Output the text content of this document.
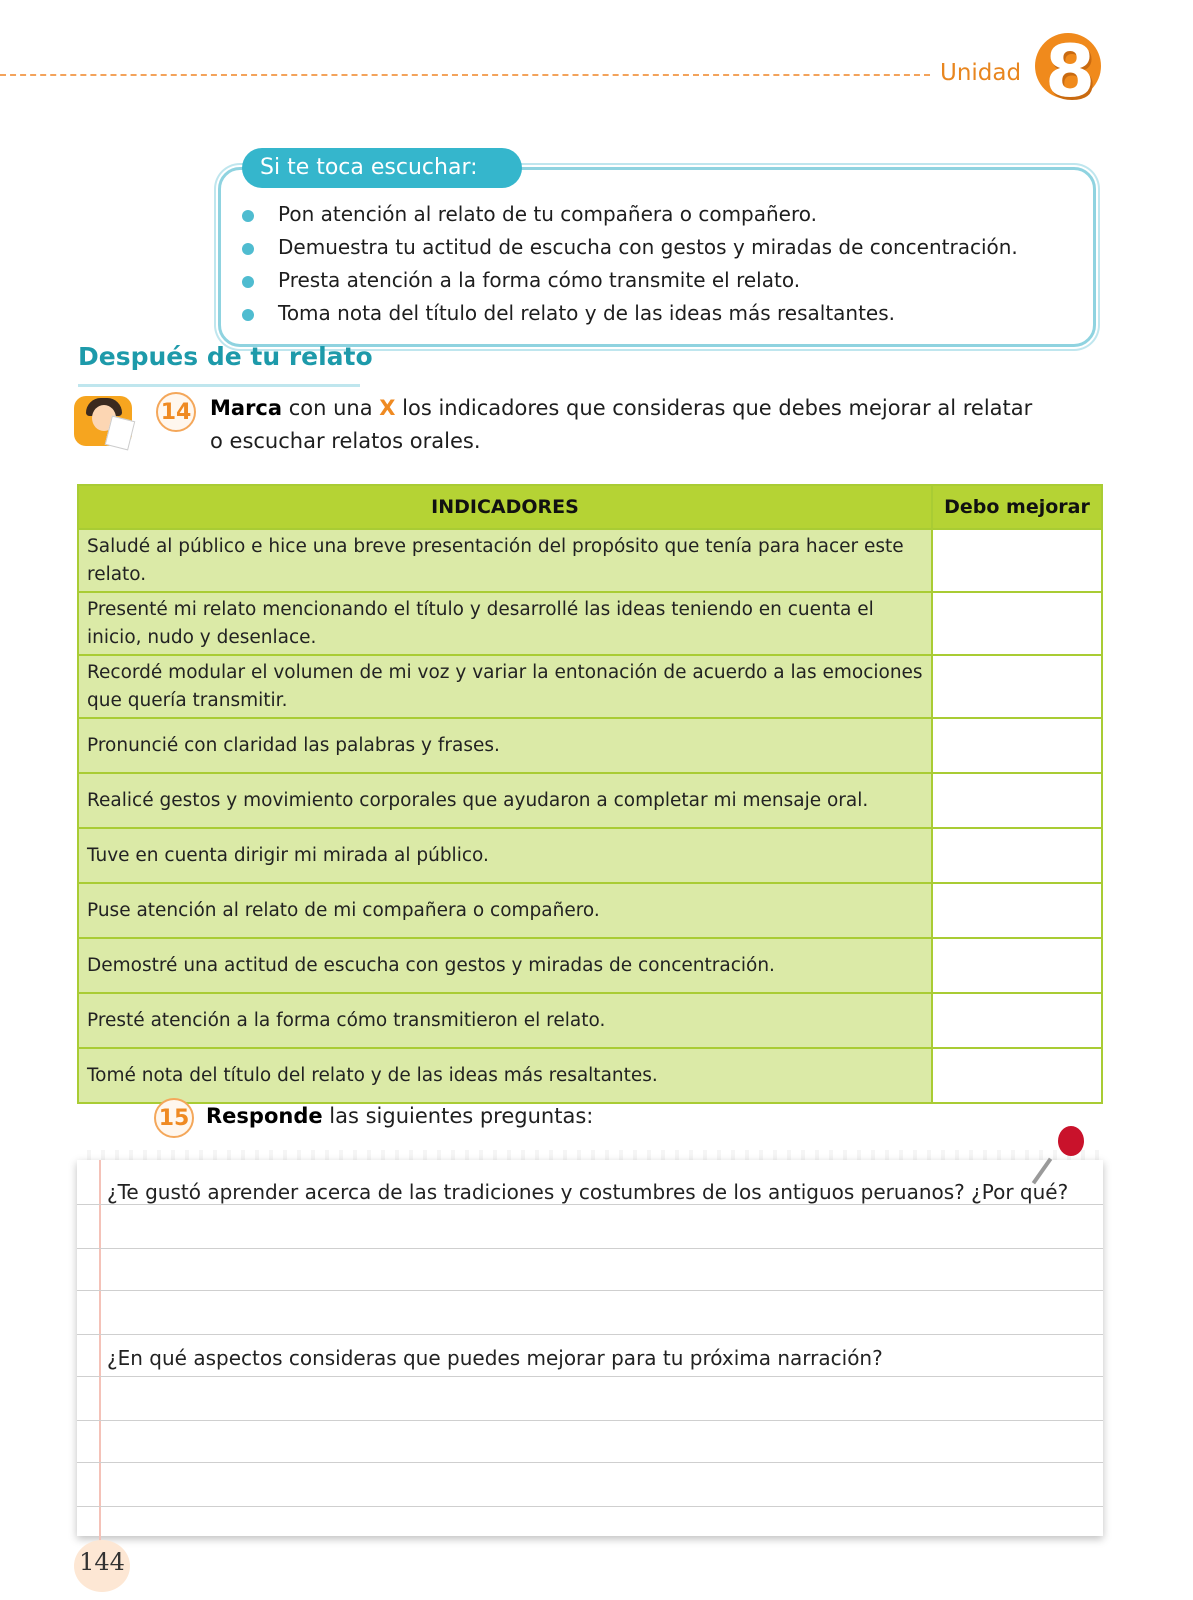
Unidad 8
Si te toca escuchar:
Pon atención al relato de tu compañera o compañero.
Demuestra tu actitud de escucha con gestos y miradas de concentración.
Presta atención a la forma cómo transmite el relato.
Toma nota del título del relato y de las ideas más resaltantes.
Después de tu relato
14 Marca con una X los indicadores que consideras que debes mejorar al relatar
o escuchar relatos orales.
INDICADORES	Debo mejorar
Saludé al público e hice una breve presentación del propósito que tenía para hacer este relato.	
Presenté mi relato mencionando el título y desarrollé las ideas teniendo en cuenta el inicio, nudo y desenlace.	
Recordé modular el volumen de mi voz y variar la entonación de acuerdo a las emociones que quería transmitir.	
Pronuncié con claridad las palabras y frases.	
Realicé gestos y movimiento corporales que ayudaron a completar mi mensaje oral.	
Tuve en cuenta dirigir mi mirada al público.	
Puse atención al relato de mi compañera o compañero.	
Demostré una actitud de escucha con gestos y miradas de concentración.	
Presté atención a la forma cómo transmitieron el relato.	
Tomé nota del título del relato y de las ideas más resaltantes.	
15 Responde las siguientes preguntas:
¿Te gustó aprender acerca de las tradiciones y costumbres de los antiguos peruanos? ¿Por qué?
¿En qué aspectos consideras que puedes mejorar para tu próxima narración?
144
